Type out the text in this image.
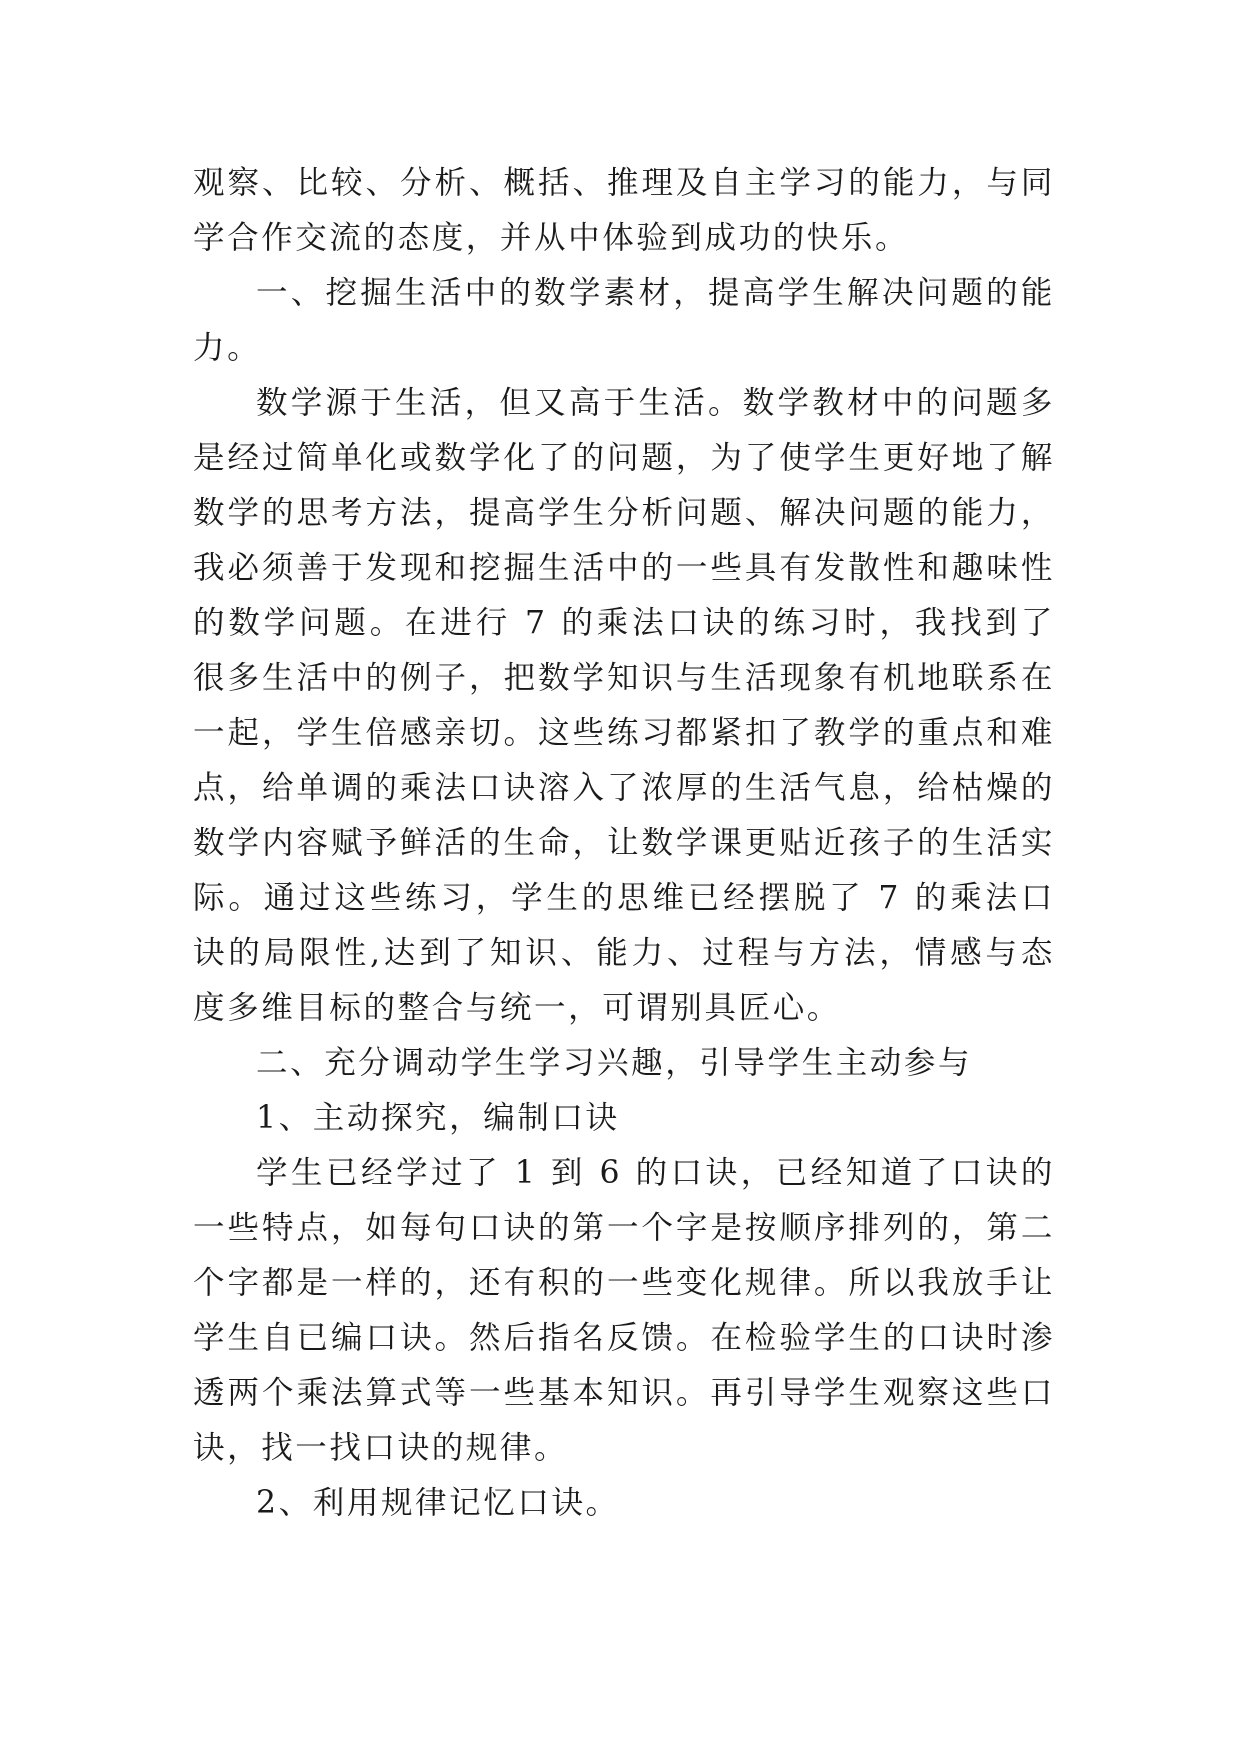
观察、比较、分析、概括、推理及自主学习的能力，与同学合作交流的态度，并从中体验到成功的快乐。

一、挖掘生活中的数学素材，提高学生解决问题的能力。

数学源于生活，但又高于生活。数学教材中的问题多是经过简单化或数学化了的问题，为了使学生更好地了解数学的思考方法，提高学生分析问题、解决问题的能力，我必须善于发现和挖掘生活中的一些具有发散性和趣味性的数学问题。在进行 7 的乘法口诀的练习时，我找到了很多生活中的例子，把数学知识与生活现象有机地联系在一起，学生倍感亲切。这些练习都紧扣了教学的重点和难点，给单调的乘法口诀溶入了浓厚的生活气息，给枯燥的数学内容赋予鲜活的生命，让数学课更贴近孩子的生活实际。通过这些练习，学生的思维已经摆脱了 7 的乘法口诀的局限性,达到了知识、能力、过程与方法，情感与态度多维目标的整合与统一，可谓别具匠心。

二、充分调动学生学习兴趣，引导学生主动参与

1、主动探究，编制口诀

学生已经学过了 1 到 6 的口诀，已经知道了口诀的一些特点，如每句口诀的第一个字是按顺序排列的，第二个字都是一样的，还有积的一些变化规律。所以我放手让学生自已编口诀。然后指名反馈。在检验学生的口诀时渗透两个乘法算式等一些基本知识。再引导学生观察这些口诀，找一找口诀的规律。

2、利用规律记忆口诀。
